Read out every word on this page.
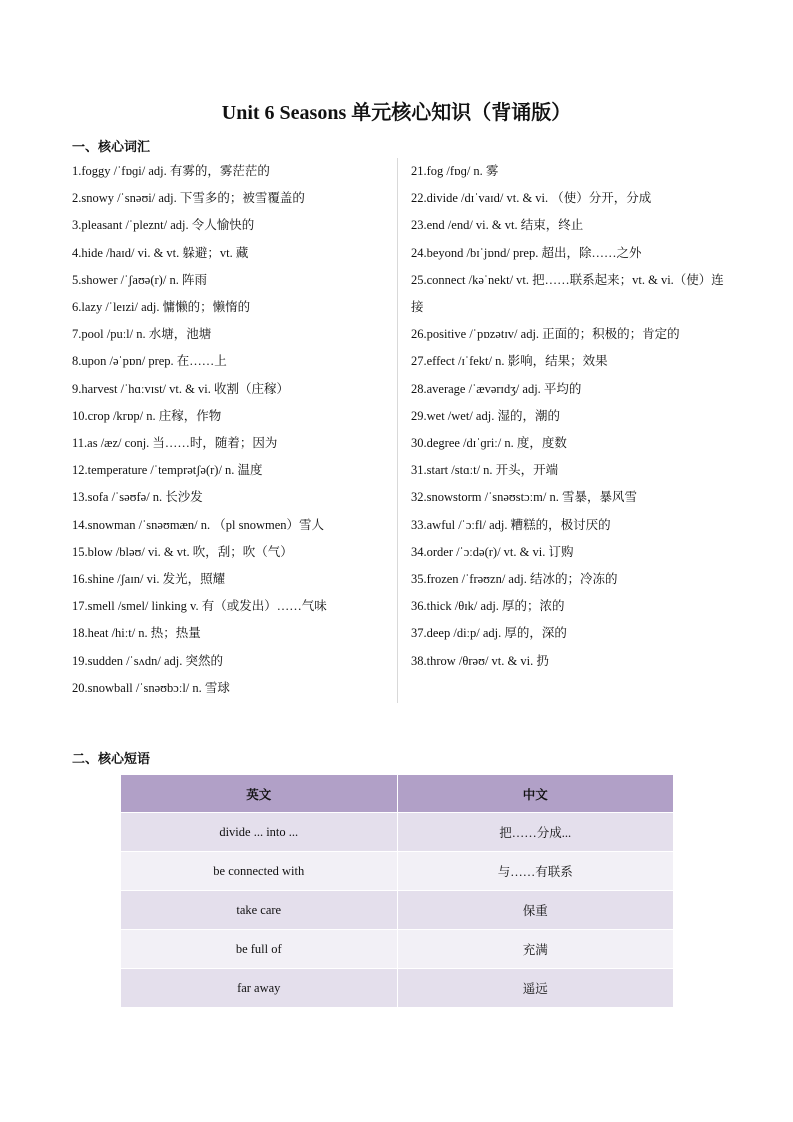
Unit 6 Seasons 单元核心知识（背诵版）
一、核心词汇
1.foggy /ˈfɒɡi/ adj. 有雾的，雾茫茫的
2.snowy /ˈsnəʊi/ adj. 下雪多的；被雪覆盖的
3.pleasant /ˈpleznt/ adj. 令人愉快的
4.hide /haɪd/ vi. & vt. 躲避；vt. 藏
5.shower /ˈʃaʊə(r)/ n. 阵雨
6.lazy /ˈleɪzi/ adj. 慵懒的；懒惰的
7.pool /puːl/ n. 水塘，池塘
8.upon /əˈpɒn/ prep. 在……上
9.harvest /ˈhɑːvɪst/ vt. & vi. 收割（庄稼）
10.crop /krɒp/ n. 庄稼，作物
11.as /æz/ conj. 当……时，随着；因为
12.temperature /ˈtemprətʃə(r)/ n. 温度
13.sofa /ˈsəʊfə/ n. 长沙发
14.snowman /ˈsnəʊmæn/ n. （pl snowmen）雪人
15.blow /bləʊ/ vi. & vt. 吹，刮；吹（气）
16.shine /ʃaɪn/ vi. 发光，照耀
17.smell /smel/ linking v. 有（或发出）……气味
18.heat /hiːt/ n. 热；热量
19.sudden /ˈsʌdn/ adj. 突然的
20.snowball /ˈsnəʊbɔːl/ n. 雪球
21.fog /fɒɡ/ n. 雾
22.divide /dɪˈvaɪd/ vt. & vi. （使）分开，分成
23.end /end/ vi. & vt. 结束，终止
24.beyond /bɪˈjɒnd/ prep. 超出，除……之外
25.connect /kəˈnekt/ vt. 把……联系起来；vt. & vi.（使）连接
26.positive /ˈpɒzətɪv/ adj. 正面的；积极的；肯定的
27.effect /ɪˈfekt/ n. 影响，结果；效果
28.average /ˈævərɪdʒ/ adj. 平均的
29.wet /wet/ adj. 湿的，潮的
30.degree /dɪˈɡriː/ n. 度，度数
31.start /stɑːt/ n. 开头，开端
32.snowstorm /ˈsnəʊstɔːm/ n. 雪暴，暴风雪
33.awful /ˈɔːfl/ adj. 糟糕的，极讨厌的
34.order /ˈɔːdə(r)/ vt. & vi. 订购
35.frozen /ˈfrəʊzn/ adj. 结冰的；冷冻的
36.thick /θɪk/ adj. 厚的；浓的
37.deep /diːp/ adj. 厚的，深的
38.throw /θrəʊ/ vt. & vi. 扔
二、核心短语
英文	中文
divide ... into ...	把……分成...
be connected with	与……有联系
take care	保重
be full of	充满
far away	遥远
